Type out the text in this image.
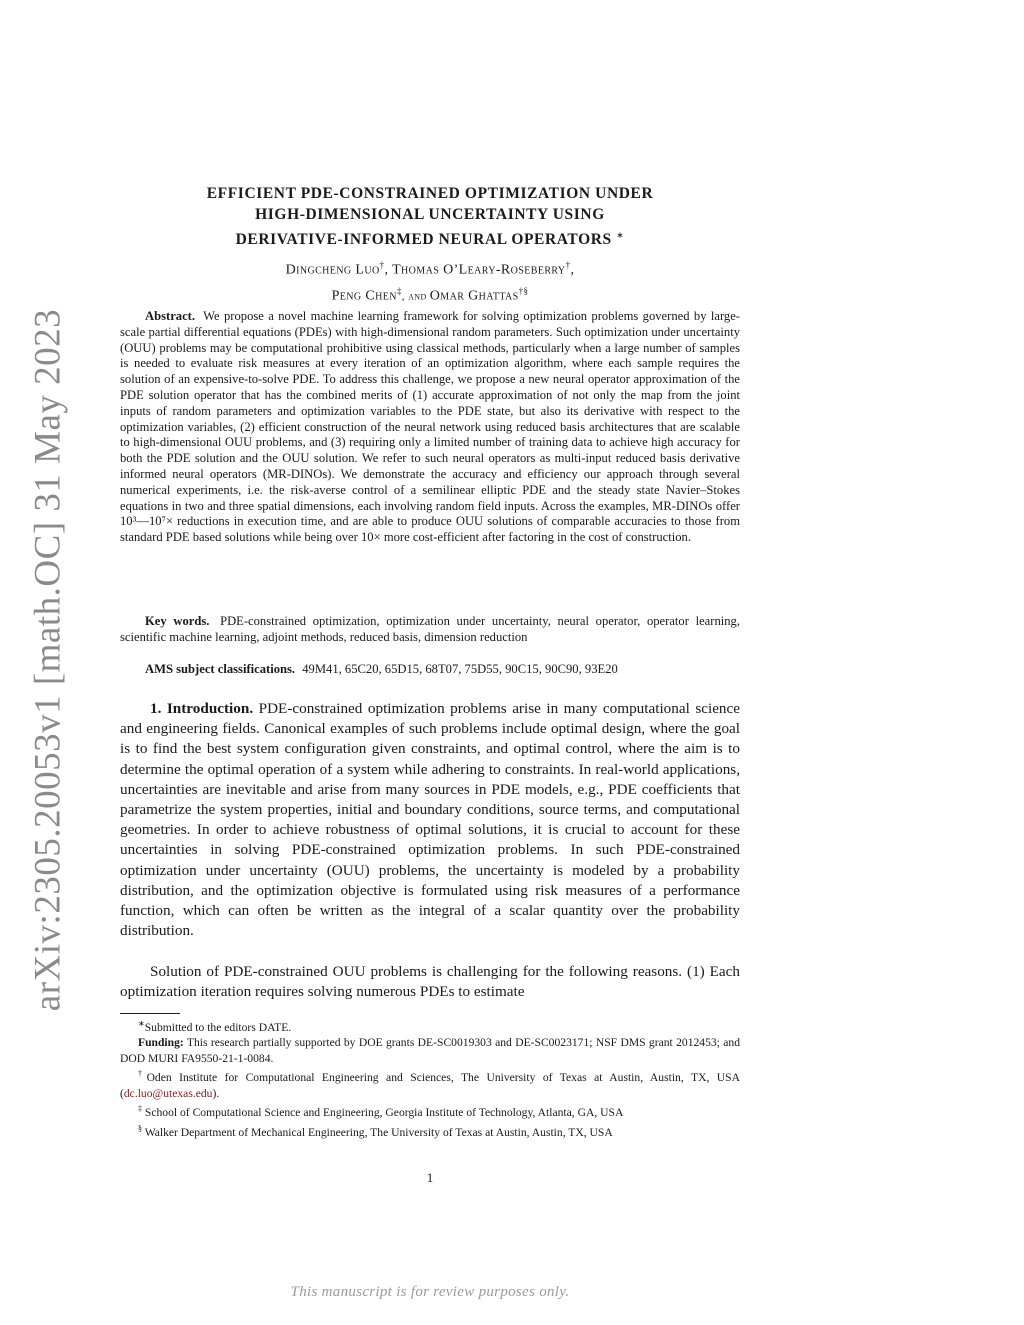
arXiv:2305.20053v1 [math.OC] 31 May 2023
EFFICIENT PDE-CONSTRAINED OPTIMIZATION UNDER
HIGH-DIMENSIONAL UNCERTAINTY USING
DERIVATIVE-INFORMED NEURAL OPERATORS ∗
Dingcheng Luo†, Thomas O’Leary-Roseberry†,
Peng Chen‡, and Omar Ghattas†§
Abstract. We propose a novel machine learning framework for solving optimization problems governed by large-scale partial differential equations (PDEs) with high-dimensional random parameters. Such optimization under uncertainty (OUU) problems may be computational prohibitive using classical methods, particularly when a large number of samples is needed to evaluate risk measures at every iteration of an optimization algorithm, where each sample requires the solution of an expensive-to-solve PDE. To address this challenge, we propose a new neural operator approximation of the PDE solution operator that has the combined merits of (1) accurate approximation of not only the map from the joint inputs of random parameters and optimization variables to the PDE state, but also its derivative with respect to the optimization variables, (2) efficient construction of the neural network using reduced basis architectures that are scalable to high-dimensional OUU problems, and (3) requiring only a limited number of training data to achieve high accuracy for both the PDE solution and the OUU solution. We refer to such neural operators as multi-input reduced basis derivative informed neural operators (MR-DINOs). We demonstrate the accuracy and efficiency our approach through several numerical experiments, i.e. the risk-averse control of a semilinear elliptic PDE and the steady state Navier–Stokes equations in two and three spatial dimensions, each involving random field inputs. Across the examples, MR-DINOs offer 10³—10⁷× reductions in execution time, and are able to produce OUU solutions of comparable accuracies to those from standard PDE based solutions while being over 10× more cost-efficient after factoring in the cost of construction.
Key words. PDE-constrained optimization, optimization under uncertainty, neural operator, operator learning, scientific machine learning, adjoint methods, reduced basis, dimension reduction
AMS subject classifications. 49M41, 65C20, 65D15, 68T07, 75D55, 90C15, 90C90, 93E20
1. Introduction. PDE-constrained optimization problems arise in many computational science and engineering fields. Canonical examples of such problems include optimal design, where the goal is to find the best system configuration given constraints, and optimal control, where the aim is to determine the optimal operation of a system while adhering to constraints. In real-world applications, uncertainties are inevitable and arise from many sources in PDE models, e.g., PDE coefficients that parametrize the system properties, initial and boundary conditions, source terms, and computational geometries. In order to achieve robustness of optimal solutions, it is crucial to account for these uncertainties in solving PDE-constrained optimization problems. In such PDE-constrained optimization under uncertainty (OUU) problems, the uncertainty is modeled by a probability distribution, and the optimization objective is formulated using risk measures of a performance function, which can often be written as the integral of a scalar quantity over the probability distribution.
Solution of PDE-constrained OUU problems is challenging for the following reasons. (1) Each optimization iteration requires solving numerous PDEs to estimate

∗Submitted to the editors DATE.

Funding: This research partially supported by DOE grants DE-SC0019303 and DE-SC0023171; NSF DMS grant 2012453; and DOD MURI FA9550-21-1-0084.

†Oden Institute for Computational Engineering and Sciences, The University of Texas at Austin, Austin, TX, USA (dc.luo@utexas.edu).

‡ School of Computational Science and Engineering, Georgia Institute of Technology, Atlanta, GA, USA

§ Walker Department of Mechanical Engineering, The University of Texas at Austin, Austin, TX, USA

1
This manuscript is for review purposes only.
